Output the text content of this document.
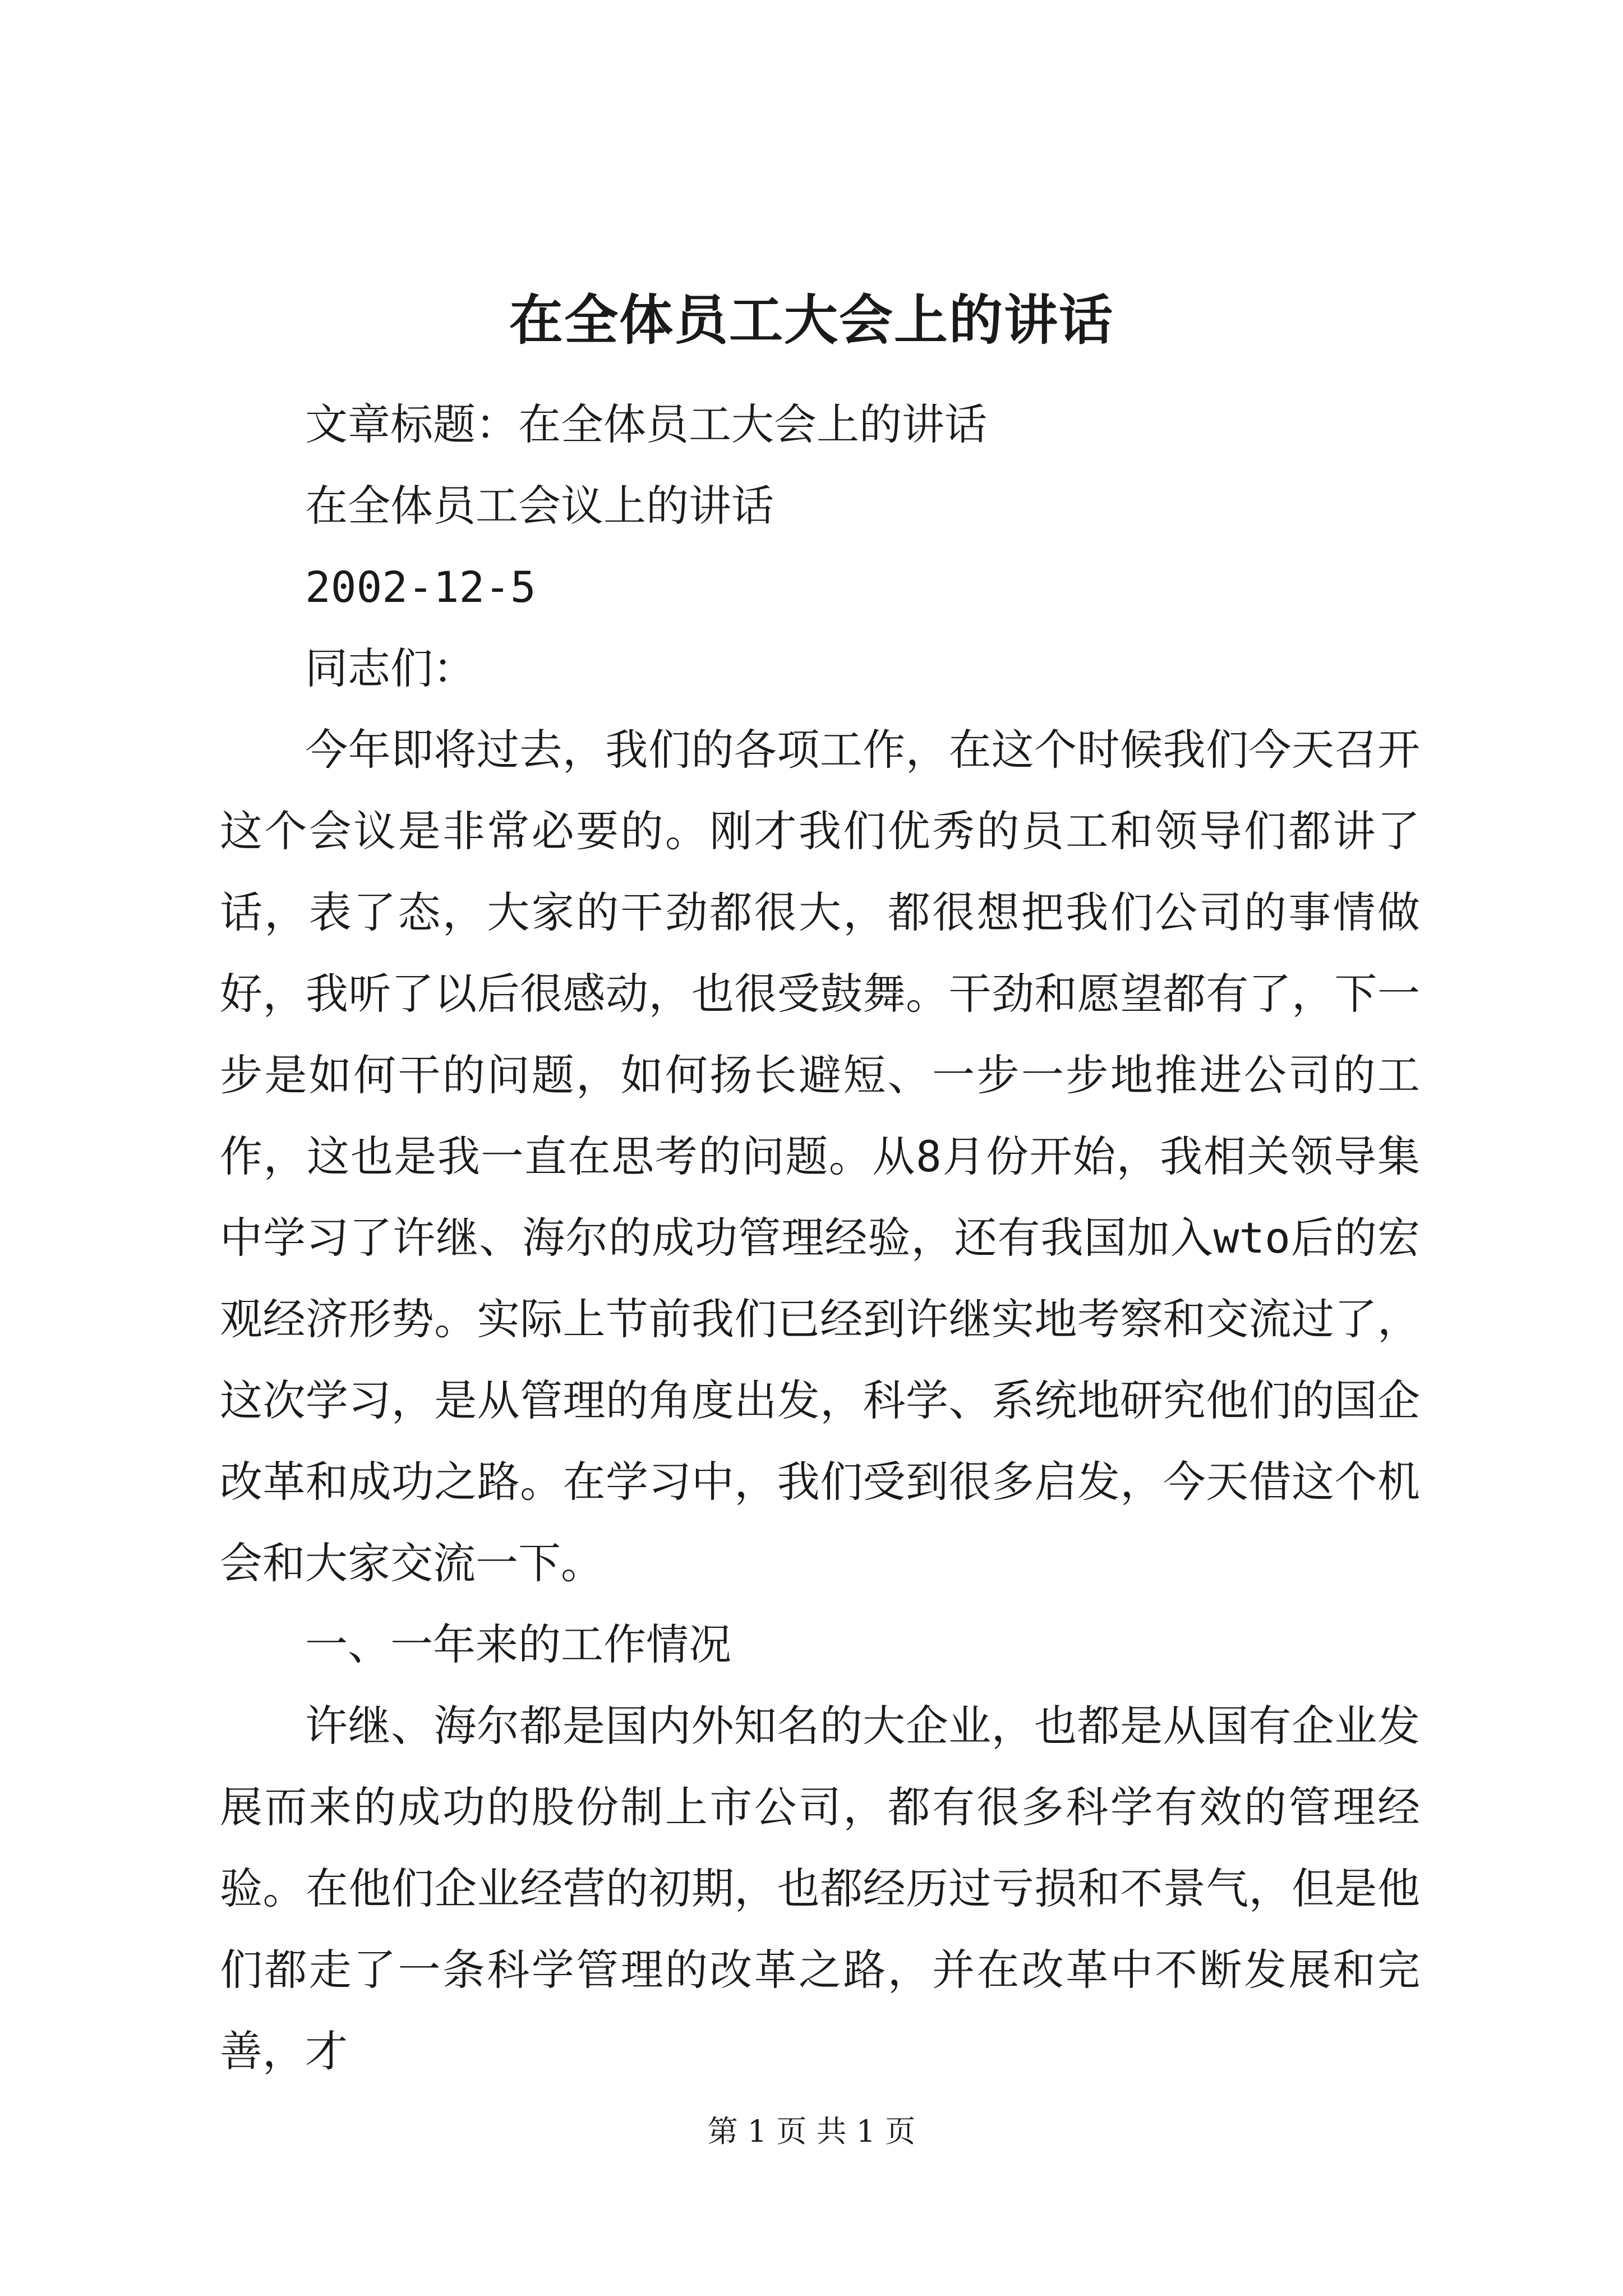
在全体员工大会上的讲话

文章标题：在全体员工大会上的讲话

在全体员工会议上的讲话

2002-12-5

同志们：

今年即将过去，我们的各项工作，在这个时候我们今天召开这个会议是非常必要的。刚才我们优秀的员工和领导们都讲了话，表了态，大家的干劲都很大，都很想把我们公司的事情做好，我听了以后很感动，也很受鼓舞。干劲和愿望都有了，下一步是如何干的问题，如何扬长避短、一步一步地推进公司的工作，这也是我一直在思考的问题。从8月份开始，我相关领导集中学习了许继、海尔的成功管理经验，还有我国加入wto后的宏观经济形势。实际上节前我们已经到许继实地考察和交流过了，这次学习，是从管理的角度出发，科学、系统地研究他们的国企改革和成功之路。在学习中，我们受到很多启发，今天借这个机会和大家交流一下。

一、一年来的工作情况

许继、海尔都是国内外知名的大企业，也都是从国有企业发展而来的成功的股份制上市公司，都有很多科学有效的管理经验。在他们企业经营的初期，也都经历过亏损和不景气，但是他们都走了一条科学管理的改革之路，并在改革中不断发展和完善，才

第 1 页 共 1 页
